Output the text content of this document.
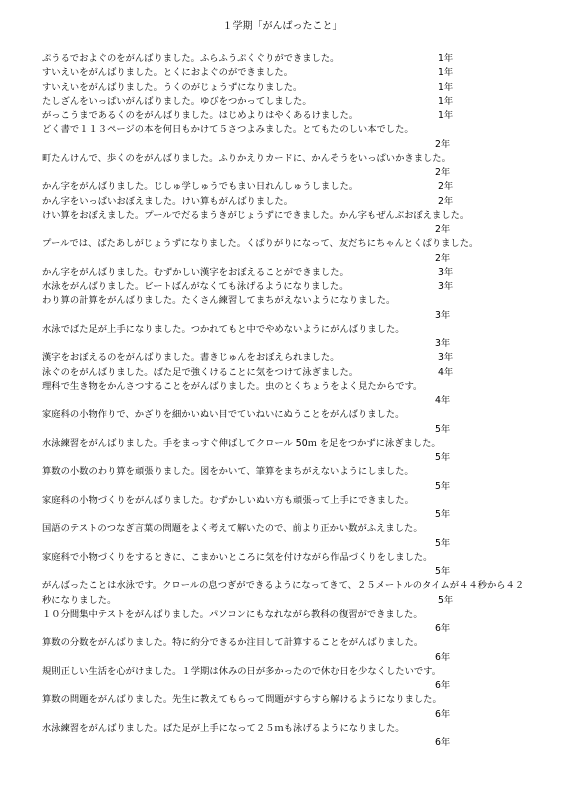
１学期「がんばったこと」
ぷうるでおよぐのをがんばりました。ふらふうぷくぐりができました。	1年
すいえいをがんばりました。とくにおよぐのができました。	1年
すいえいをがんばりました。うくのがじょうずになりました。	1年
たしざんをいっぱいがんばりました。ゆびをつかってしました。	1年
がっこうまであるくのをがんばりました。はじめよりはやくあるけました。	1年
どく書で１１３ページの本を何日もかけて５さつよみました。とてもたのしい本でした。
2年
町たんけんで、歩くのをがんばりました。ふりかえりカードに、かんそうをいっぱいかきました。
2年
かん字をがんばりました。じしゅ学しゅうでもまい日れんしゅうしました。	2年
かん字をいっぱいおぼえました。けい算もがんばりました。	2年
けい算をおぼえました。プールでだるまうきがじょうずにできました。かん字もぜんぶおぼえました。
2年
プールでは、ばたあしがじょうずになりました。くぱりがりになって、友だちにちゃんとくぱりました。
2年
かん字をがんばりました。むずかしい漢字をおぼえることができました。	3年
水泳をがんばりました。ビートばんがなくても泳げるようになりました。	3年
わり算の計算をがんばりました。たくさん練習してまちがえないようになりました。
3年
水泳でばた足が上手になりました。つかれてもと中でやめないようにがんばりました。
3年
漢字をおぼえるのをがんばりました。書きじゅんをおぼえられました。	3年
泳ぐのをがんばりました。ばた足で強くけることに気をつけて泳ぎました。	4年
理科で生き物をかんさつすることをがんばりました。虫のとくちょうをよく見たからです。
4年
家庭科の小物作りで、かざりを細かいぬい目でていねいにぬうことをがんばりました。
5年
水泳練習をがんばりました。手をまっすぐ伸ばしてクロール 50ｍ を足をつかずに泳ぎました。
5年
算数の小数のわり算を頑張りました。図をかいて、筆算をまちがえないようにしました。
5年
家庭科の小物づくりをがんばりました。むずかしいぬい方も頑張って上手にできました。
5年
国語のテストのつなぎ言葉の問題をよく考えて解いたので、前より正かい数がふえました。
5年
家庭科で小物づくりをするときに、こまかいところに気を付けながら作品づくりをしました。
5年
がんばったことは水泳です。クロールの息つぎができるようになってきて、２５メートルのタイムが４４秒から４２秒になりました。	5年
１０分間集中テストをがんばりました。パソコンにもなれながら教科の復習ができました。
6年
算数の分数をがんばりました。特に約分できるか注目して計算することをがんばりました。
6年
規則正しい生活を心がけました。１学期は休みの日が多かったので休む日を少なくしたいです。
6年
算数の問題をがんばりました。先生に教えてもらって問題がすらすら解けるようになりました。
6年
水泳練習をがんばりました。ばた足が上手になって２５ｍも泳げるようになりました。
6年
